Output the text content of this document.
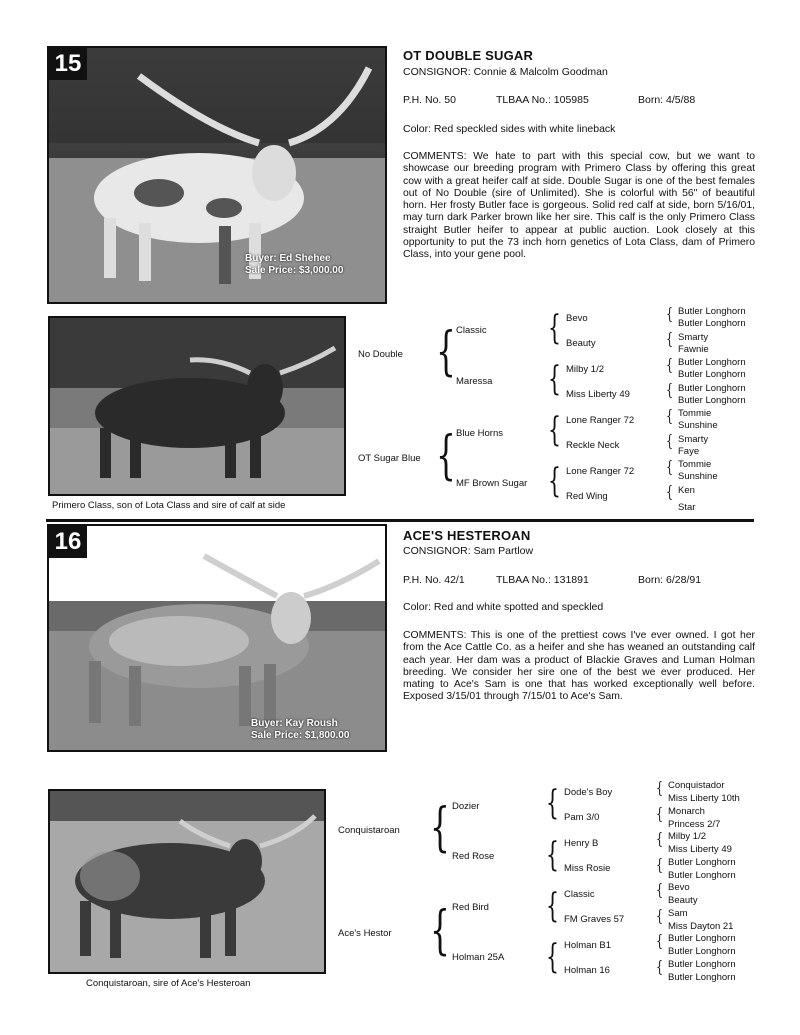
15
Buyer: Ed Shehee
Sale Price: $3,000.00
OT DOUBLE SUGAR
CONSIGNOR: Connie & Malcolm Goodman
P.H. No. 50	TLBAA No.: 105985	Born: 4/5/88
Color: Red speckled sides with white lineback
COMMENTS: We hate to part with this special cow, but we want to showcase our breeding program with Primero Class by offering this great cow with a great heifer calf at side. Double Sugar is one of the best females out of No Double (sire of Unlimited). She is colorful with 56" of beautiful horn. Her frosty Butler face is gorgeous. Solid red calf at side, born 5/16/01, may turn dark Parker brown like her sire. This calf is the only Primero Class straight Butler heifer to appear at public auction. Look closely at this opportunity to put the 73 inch horn genetics of Lota Class, dam of Primero Class, into your gene pool.
Primero Class, son of Lota Class and sire of calf at side
No Double
OT Sugar Blue
{
{
Classic
Maressa
Blue Horns
MF Brown Sugar
{
{
{
{
Bevo
Beauty
Milby 1/2
Miss Liberty 49
Lone Ranger 72
Reckle Neck
Lone Ranger 72
Red Wing
{
{
{
{
{
{
{
{
Butler Longhorn
Butler Longhorn
Smarty
Fawnie
Butler Longhorn
Butler Longhorn
Butler Longhorn
Butler Longhorn
Tommie
Sunshine
Smarty
Faye
Tommie
Sunshine
Ken
Star
16
Buyer: Kay Roush
Sale Price: $1,800.00
ACE'S HESTEROAN
CONSIGNOR: Sam Partlow
P.H. No. 42/1	TLBAA No.: 131891	Born: 6/28/91
Color: Red and white spotted and speckled
COMMENTS: This is one of the prettiest cows I've ever owned. I got her from the Ace Cattle Co. as a heifer and she has weaned an outstanding calf each year. Her dam was a product of Blackie Graves and Luman Holman breeding. We consider her sire one of the best we ever produced. Her mating to Ace's Sam is one that has worked exceptionally well before. Exposed 3/15/01 through 7/15/01 to Ace's Sam.
Conquistaroan, sire of Ace's Hesteroan
Conquistaroan
Ace's Hestor
{
{
Dozier
Red Rose
Red Bird
Holman 25A
{
{
{
{
Dode's Boy
Pam 3/0
Henry B
Miss Rosie
Classic
FM Graves 57
Holman B1
Holman 16
{
{
{
{
{
{
{
{
Conquistador
Miss Liberty 10th
Monarch
Princess 2/7
Milby 1/2
Miss Liberty 49
Butler Longhorn
Butler Longhorn
Bevo
Beauty
Sam
Miss Dayton 21
Butler Longhorn
Butler Longhorn
Butler Longhorn
Butler Longhorn
